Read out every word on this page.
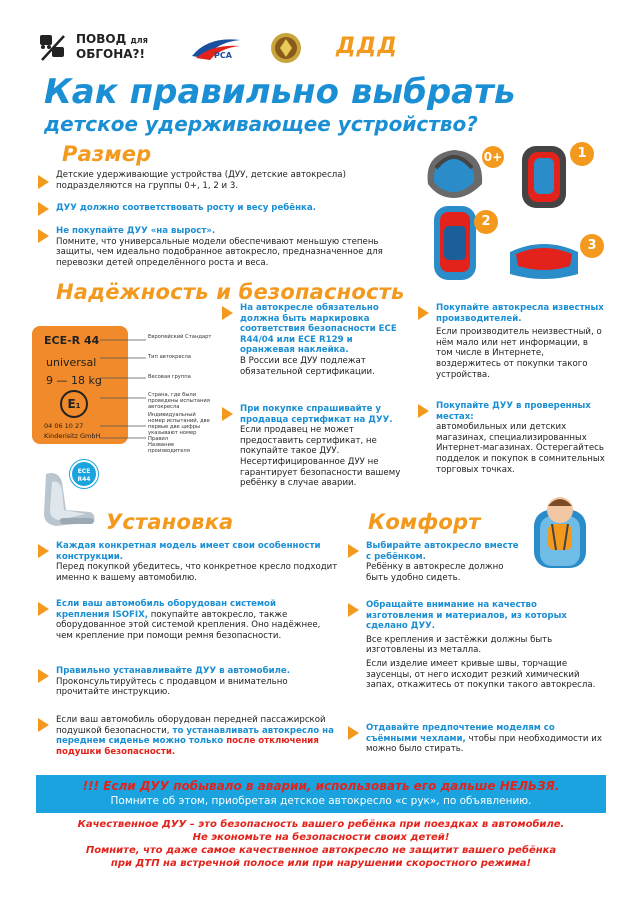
ПОВОД ДЛЯ
ОБГОНА?!	РСА	ДДД
Как правильно выбрать
детское удерживающее устройство?
Размер
Детские удерживающие устройства (ДУУ, детские автокресла) подразделяются на группы 0+, 1, 2 и 3.
ДУУ должно соответствовать росту и весу ребёнка.
Не покупайте ДУУ «на вырост».
Помните, что универсальные модели обеспечивают меньшую степень защиты, чем идеально подобранное автокресло, предназначенное для перевозки детей определённого роста и веса.
0+	1
2
3
Надёжность и безопасность
ECE-R 44
universal
9 — 18 kg
E1
04 06 10 27
Kinderisitz GmbH
Европейский Стандарт
Тип автокресла
Весовая группа
Страна, где были проведены испытания автокресла
Индивидуальный номер испытаний, две первые две цифры указывают номер Правил
Название производителя
На автокресле обязательно должна быть маркировка соответствия безопасности ECE R44/04 или ECE R129 и оранжевая наклейка.
В России все ДУУ подлежат обязательной сертификации.
При покупке спрашивайте у продавца сертификат на ДУУ.
Если продавец не может предоставить сертификат, не покупайте такое ДУУ.
Несертифицированное ДУУ не гарантирует безопасности вашему ребёнку в случае аварии.
Покупайте автокресла известных производителей.
Если производитель неизвестный, о нём мало или нет информации, в том числе в Интернете, воздержитесь от покупки такого устройства.
Покупайте ДУУ в проверенных местах:
автомобильных или детских магазинах, специализированных Интернет-магазинах. Остерегайтесь подделок и покупок в сомнительных торговых точках.
ECE R44
Установка
Каждая конкретная модель имеет свои особенности конструкции.
Перед покупкой убедитесь, что конкретное кресло подходит именно к вашему автомобилю.
Если ваш автомобиль оборудован системой крепления ISOFIX, покупайте автокресло, также оборудованное этой системой крепления. Оно надёжнее, чем крепление при помощи ремня безопасности.
Правильно устанавливайте ДУУ в автомобиле.
Проконсультируйтесь с продавцом и внимательно прочитайте инструкцию.
Если ваш автомобиль оборудован передней пассажирской подушкой безопасности, то устанавливать автокресло на переднем сиденье можно только после отключения подушки безопасности.
Комфорт
Выбирайте автокресло вместе с ребёнком.
Ребёнку в автокресле должно быть удобно сидеть.
Обращайте внимание на качество изготовления и материалов, из которых сделано ДУУ.
Все крепления и застёжки должны быть изготовлены из металла.
Если изделие имеет кривые швы, торчащие заусенцы, от него исходит резкий химический запах, откажитесь от покупки такого автокресла.
Отдавайте предпочтение моделям со съёмными чехлами, чтобы при необходимости их можно было стирать.
!!! Если ДУУ побывало в аварии, использовать его дальше НЕЛЬЗЯ.
Помните об этом, приобретая детское автокресло «с рук», по объявлению.
Качественное ДУУ – это безопасность вашего ребёнка при поездках в автомобиле.
Не экономьте на безопасности своих детей!
Помните, что даже самое качественное автокресло не защитит вашего ребёнка
при ДТП на встречной полосе или при нарушении скоростного режима!
